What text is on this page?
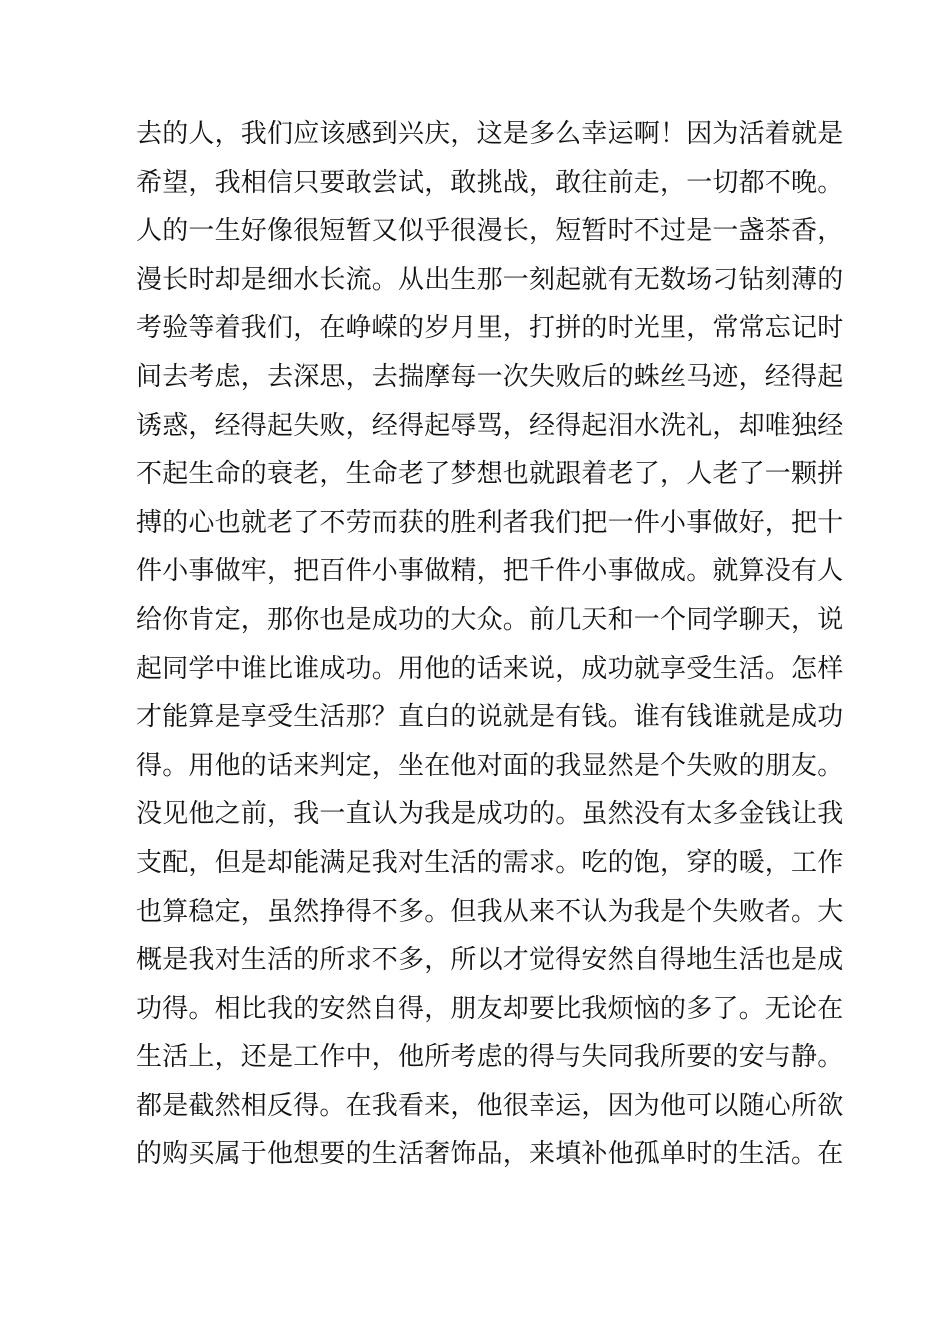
去的人，我们应该感到兴庆，这是多么幸运啊！因为活着就是
希望，我相信只要敢尝试，敢挑战，敢往前走，一切都不晚。
人的一生好像很短暂又似乎很漫长，短暂时不过是一盏茶香，
漫长时却是细水长流。从出生那一刻起就有无数场刁钻刻薄的
考验等着我们，在峥嵘的岁月里，打拼的时光里，常常忘记时
间去考虑，去深思，去揣摩每一次失败后的蛛丝马迹，经得起
诱惑，经得起失败，经得起辱骂，经得起泪水洗礼，却唯独经
不起生命的衰老，生命老了梦想也就跟着老了，人老了一颗拼
搏的心也就老了不劳而获的胜利者我们把一件小事做好，把十
件小事做牢，把百件小事做精，把千件小事做成。就算没有人
给你肯定，那你也是成功的大众。前几天和一个同学聊天，说
起同学中谁比谁成功。用他的话来说，成功就享受生活。怎样
才能算是享受生活那？直白的说就是有钱。谁有钱谁就是成功
得。用他的话来判定，坐在他对面的我显然是个失败的朋友。
没见他之前，我一直认为我是成功的。虽然没有太多金钱让我
支配，但是却能满足我对生活的需求。吃的饱，穿的暖，工作
也算稳定，虽然挣得不多。但我从来不认为我是个失败者。大
概是我对生活的所求不多，所以才觉得安然自得地生活也是成
功得。相比我的安然自得，朋友却要比我烦恼的多了。无论在
生活上，还是工作中，他所考虑的得与失同我所要的安与静。
都是截然相反得。在我看来，他很幸运，因为他可以随心所欲
的购买属于他想要的生活奢饰品，来填补他孤单时的生活。在
